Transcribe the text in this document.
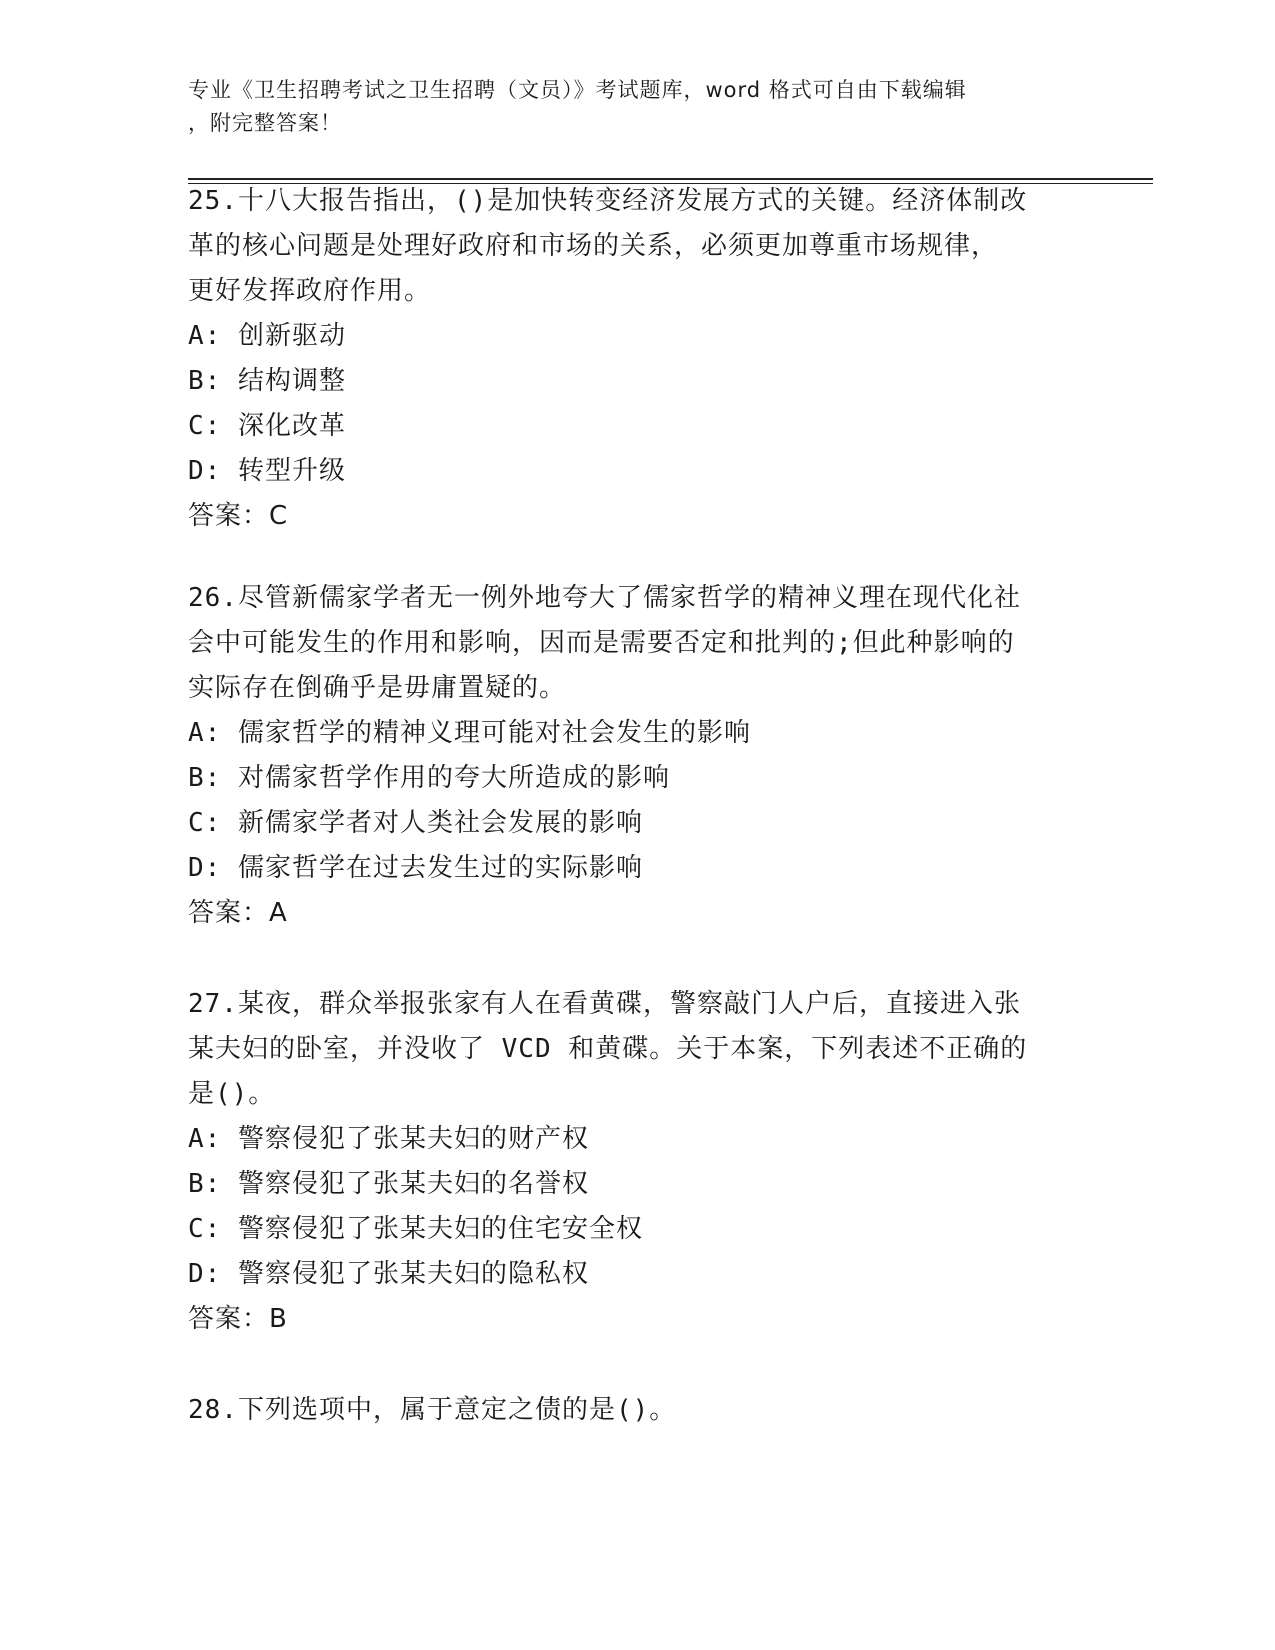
专业《卫生招聘考试之卫生招聘（文员）》考试题库，word 格式可自由下载编辑
，附完整答案！
25.十八大报告指出，()是加快转变经济发展方式的关键。经济体制改
革的核心问题是处理好政府和市场的关系，必须更加尊重市场规律，
更好发挥政府作用。
A: 创新驱动
B: 结构调整
C: 深化改革
D: 转型升级
答案：C
26.尽管新儒家学者无一例外地夸大了儒家哲学的精神义理在现代化社
会中可能发生的作用和影响，因而是需要否定和批判的;但此种影响的
实际存在倒确乎是毋庸置疑的。
A: 儒家哲学的精神义理可能对社会发生的影响
B: 对儒家哲学作用的夸大所造成的影响
C: 新儒家学者对人类社会发展的影响
D: 儒家哲学在过去发生过的实际影响
答案：A
27.某夜，群众举报张家有人在看黄碟，警察敲门人户后，直接进入张
某夫妇的卧室，并没收了 VCD 和黄碟。关于本案，下列表述不正确的
是()。
A: 警察侵犯了张某夫妇的财产权
B: 警察侵犯了张某夫妇的名誉权
C: 警察侵犯了张某夫妇的住宅安全权
D: 警察侵犯了张某夫妇的隐私权
答案：B
28.下列选项中，属于意定之债的是()。
